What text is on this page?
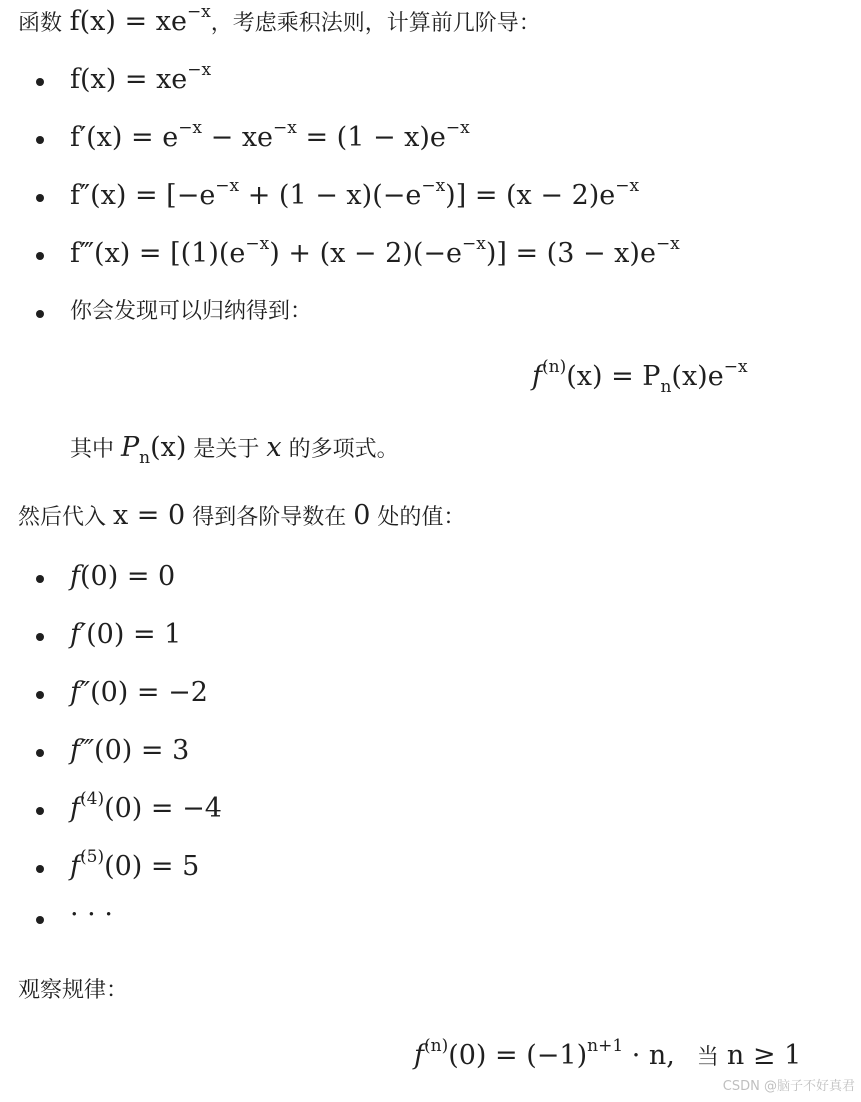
函数 $f(x) = xe^{-x}$，考虑乘积法则，计算前几阶导：
$f(x) = xe^{-x}$
$f'(x) = e^{-x} - xe^{-x} = (1 - x)e^{-x}$
$f''(x) = [-e^{-x} + (1 - x)(-e^{-x})] = (x - 2)e^{-x}$
f‴(x) = $[(1)(e^{-x}) + (x - 2)(-e^{-x})] = (3 - x)e^{-x}$
你会发现可以归纳得到：
$f^{(n)}(x) = P_n(x)e^{-x}$
其中 $P_n(x)$ 是关于 x 的多项式。
然后代入 x = 0 得到各阶导数在 0 处的值：
f(0) = 0
f′(0) = 1
f″(0) = −2
f‴(0) = 3
$f^{(4)}(0) = -4$
$f^{(5)}(0) = 5$
· · ·
观察规律：
$f^{(n)}(0) = (-1)^{n+1} \cdot n$, 当 n ≥ 1
CSDN @脑子不好真君
